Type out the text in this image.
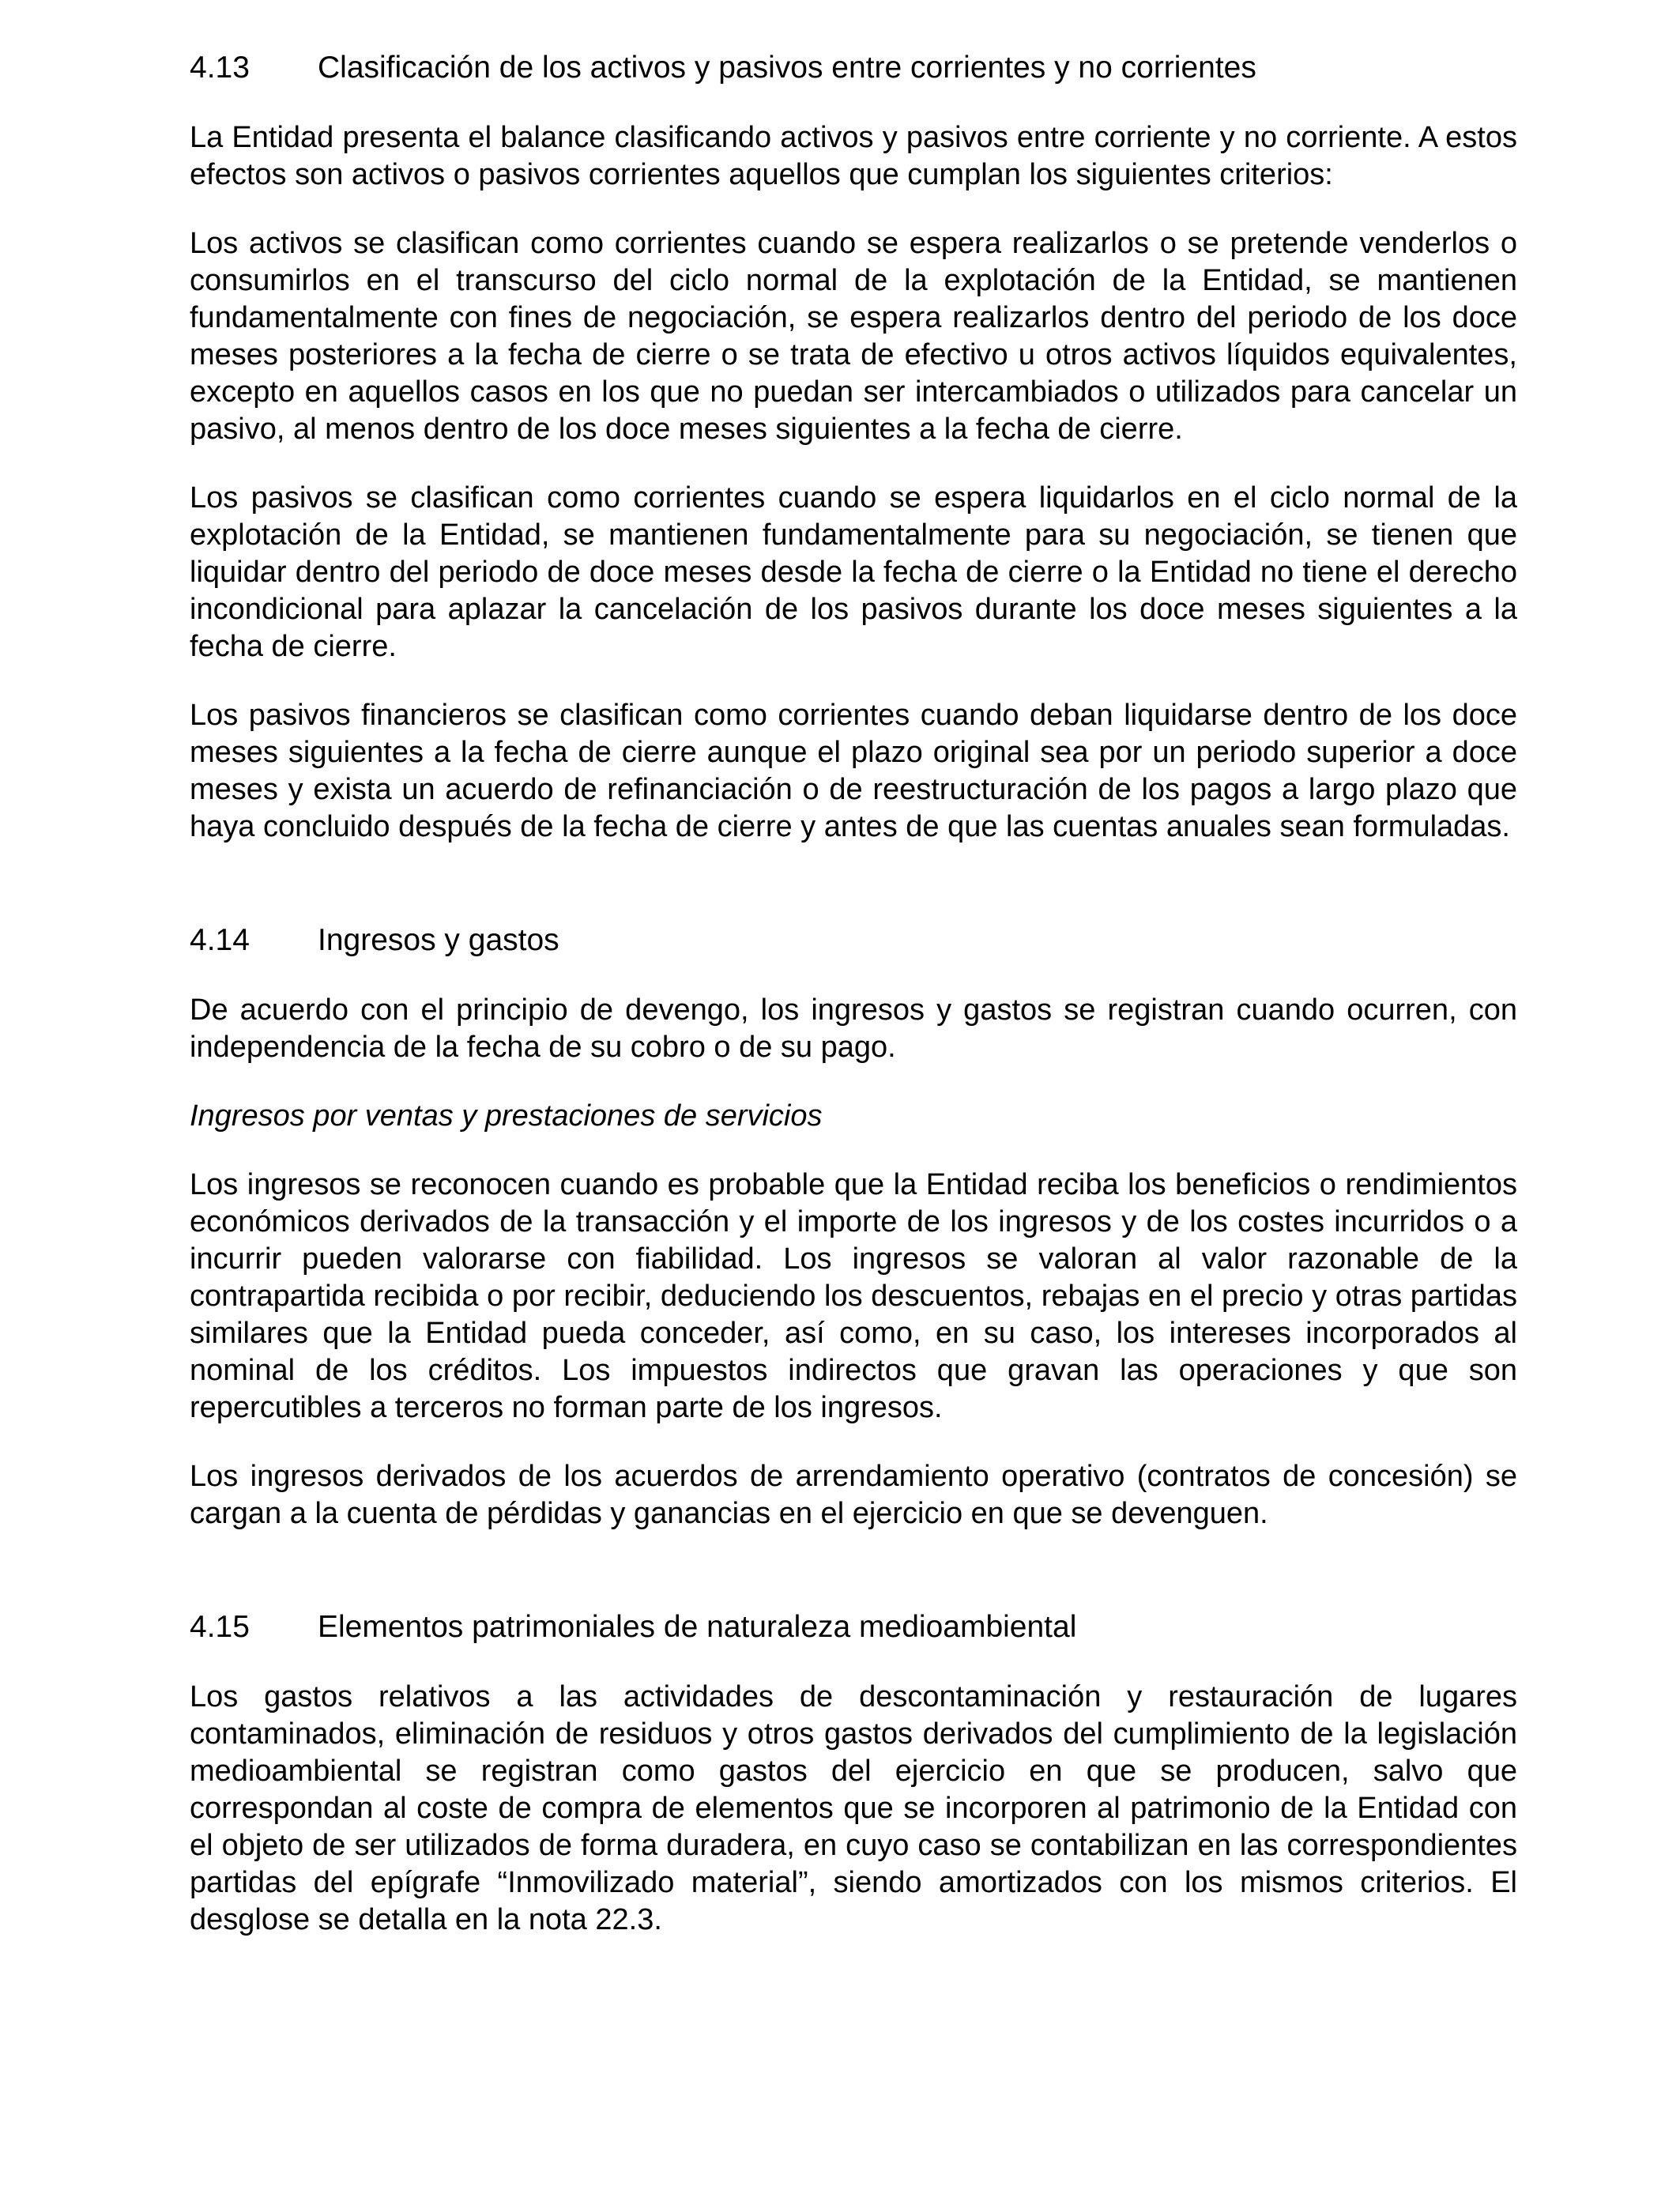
4.13	Clasificación de los activos y pasivos entre corrientes y no corrientes

La Entidad presenta el balance clasificando activos y pasivos entre corriente y no corriente. A estos efectos son activos o pasivos corrientes aquellos que cumplan los siguientes criterios:

Los activos se clasifican como corrientes cuando se espera realizarlos o se pretende venderlos o consumirlos en el transcurso del ciclo normal de la explotación de la Entidad, se mantienen fundamentalmente con fines de negociación, se espera realizarlos dentro del periodo de los doce meses posteriores a la fecha de cierre o se trata de efectivo u otros activos líquidos equivalentes, excepto en aquellos casos en los que no puedan ser intercambiados o utilizados para cancelar un pasivo, al menos dentro de los doce meses siguientes a la fecha de cierre.

Los pasivos se clasifican como corrientes cuando se espera liquidarlos en el ciclo normal de la explotación de la Entidad, se mantienen fundamentalmente para su negociación, se tienen que liquidar dentro del periodo de doce meses desde la fecha de cierre o la Entidad no tiene el derecho incondicional para aplazar la cancelación de los pasivos durante los doce meses siguientes a la fecha de cierre.

Los pasivos financieros se clasifican como corrientes cuando deban liquidarse dentro de los doce meses siguientes a la fecha de cierre aunque el plazo original sea por un periodo superior a doce meses y exista un acuerdo de refinanciación o de reestructuración de los pagos a largo plazo que haya concluido después de la fecha de cierre y antes de que las cuentas anuales sean formuladas.

4.14	Ingresos y gastos

De acuerdo con el principio de devengo, los ingresos y gastos se registran cuando ocurren, con independencia de la fecha de su cobro o de su pago.

Ingresos por ventas y prestaciones de servicios

Los ingresos se reconocen cuando es probable que la Entidad reciba los beneficios o rendimientos económicos derivados de la transacción y el importe de los ingresos y de los costes incurridos o a incurrir pueden valorarse con fiabilidad. Los ingresos se valoran al valor razonable de la contrapartida recibida o por recibir, deduciendo los descuentos, rebajas en el precio y otras partidas similares que la Entidad pueda conceder, así como, en su caso, los intereses incorporados al nominal de los créditos. Los impuestos indirectos que gravan las operaciones y que son repercutibles a terceros no forman parte de los ingresos.

Los ingresos derivados de los acuerdos de arrendamiento operativo (contratos de concesión) se cargan a la cuenta de pérdidas y ganancias en el ejercicio en que se devenguen.

4.15	Elementos patrimoniales de naturaleza medioambiental

Los gastos relativos a las actividades de descontaminación y restauración de lugares contaminados, eliminación de residuos y otros gastos derivados del cumplimiento de la legislación medioambiental se registran como gastos del ejercicio en que se producen, salvo que correspondan al coste de compra de elementos que se incorporen al patrimonio de la Entidad con el objeto de ser utilizados de forma duradera, en cuyo caso se contabilizan en las correspondientes partidas del epígrafe “Inmovilizado material”, siendo amortizados con los mismos criterios. El desglose se detalla en la nota 22.3.
